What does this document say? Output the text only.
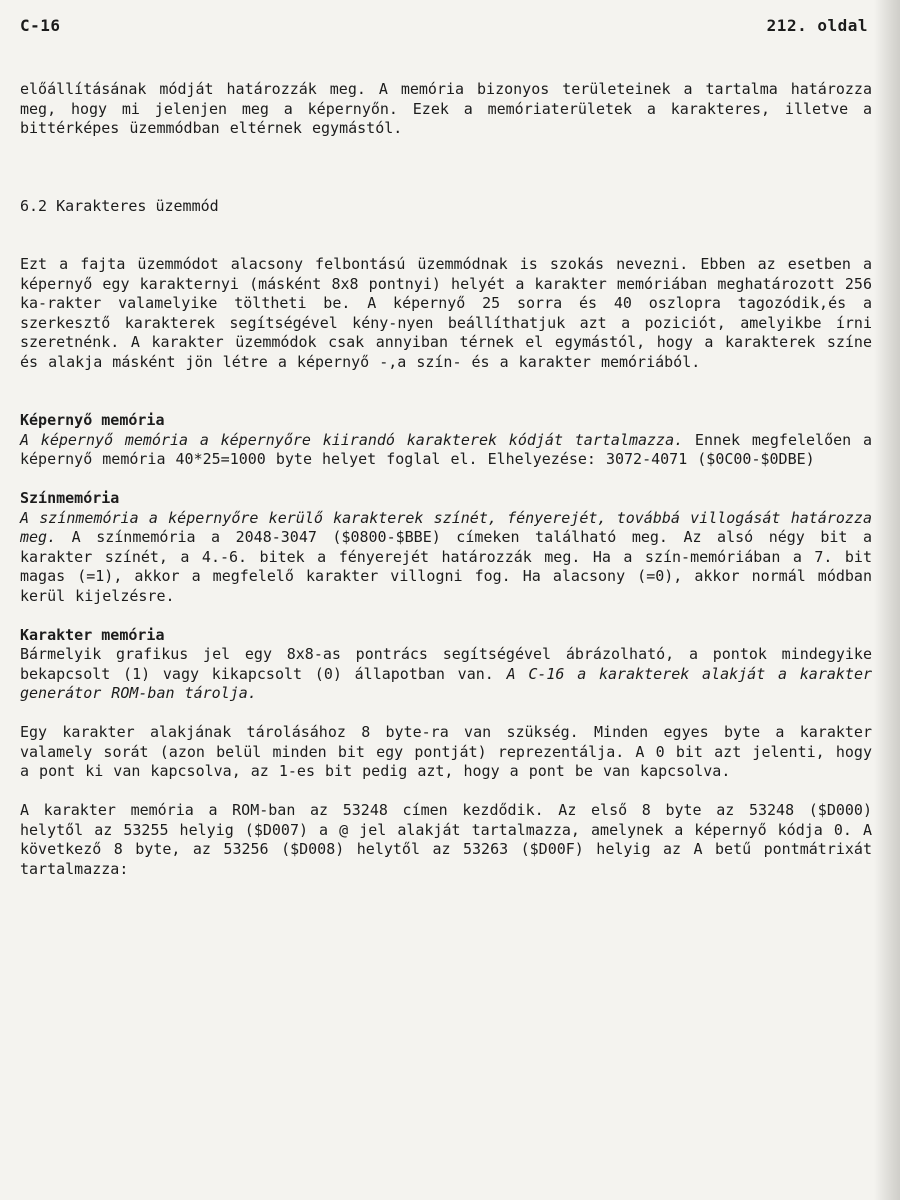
C-16	212. oldal

előállításának módját határozzák meg. A memória bizonyos területeinek a tartalma határozza meg, hogy mi jelenjen meg a képernyőn. Ezek a memóriaterületek a karakteres, illetve a bittérképes üzemmódban eltérnek egymástól.

6.2 Karakteres üzemmód

Ezt a fajta üzemmódot alacsony felbontású üzemmódnak is szokás nevezni. Ebben az esetben a képernyő egy karakternyi (másként 8x8 pontnyi) helyét a karakter memóriában meghatározott 256 ka-rakter valamelyike töltheti be. A képernyő 25 sorra és 40 oszlopra tagozódik,és a szerkesztő karakterek segítségével kény-nyen beállíthatjuk azt a poziciót, amelyikbe írni szeretnénk. A karakter üzemmódok csak annyiban térnek el egymástól, hogy a karakterek színe és alakja másként jön létre a képernyő -,a szín- és a karakter memóriából.

Képernyő memória

A képernyő memória a képernyőre kiirandó karakterek kódját tartalmazza. Ennek megfelelően a képernyő memória 40*25=1000 byte helyet foglal el. Elhelyezése: 3072-4071 ($0C00-$0DBE)

Színmemória

A színmemória a képernyőre kerülő karakterek színét, fényerejét, továbbá villogását határozza meg. A színmemória a 2048-3047 ($0800-$BBE) címeken található meg. Az alsó négy bit a karakter színét, a 4.-6. bitek a fényerejét határozzák meg. Ha a szín-memóriában a 7. bit magas (=1), akkor a megfelelő karakter villogni fog. Ha alacsony (=0), akkor normál módban kerül kijelzésre.

Karakter memória

Bármelyik grafikus jel egy 8x8-as pontrács segítségével ábrázolható, a pontok mindegyike bekapcsolt (1) vagy kikapcsolt (0) állapotban van. A C-16 a karakterek alakját a karakter generátor ROM-ban tárolja.

Egy karakter alakjának tárolásához 8 byte-ra van szükség. Minden egyes byte a karakter valamely sorát (azon belül minden bit egy pontját) reprezentálja. A 0 bit azt jelenti, hogy a pont ki van kapcsolva, az 1-es bit pedig azt, hogy a pont be van kapcsolva.

A karakter memória a ROM-ban az 53248 címen kezdődik. Az első 8 byte az 53248 ($D000) helytől az 53255 helyig ($D007) a @ jel alakját tartalmazza, amelynek a képernyő kódja 0. A következő 8 byte, az 53256 ($D008) helytől az 53263 ($D00F) helyig az A betű pontmátrixát tartalmazza:
